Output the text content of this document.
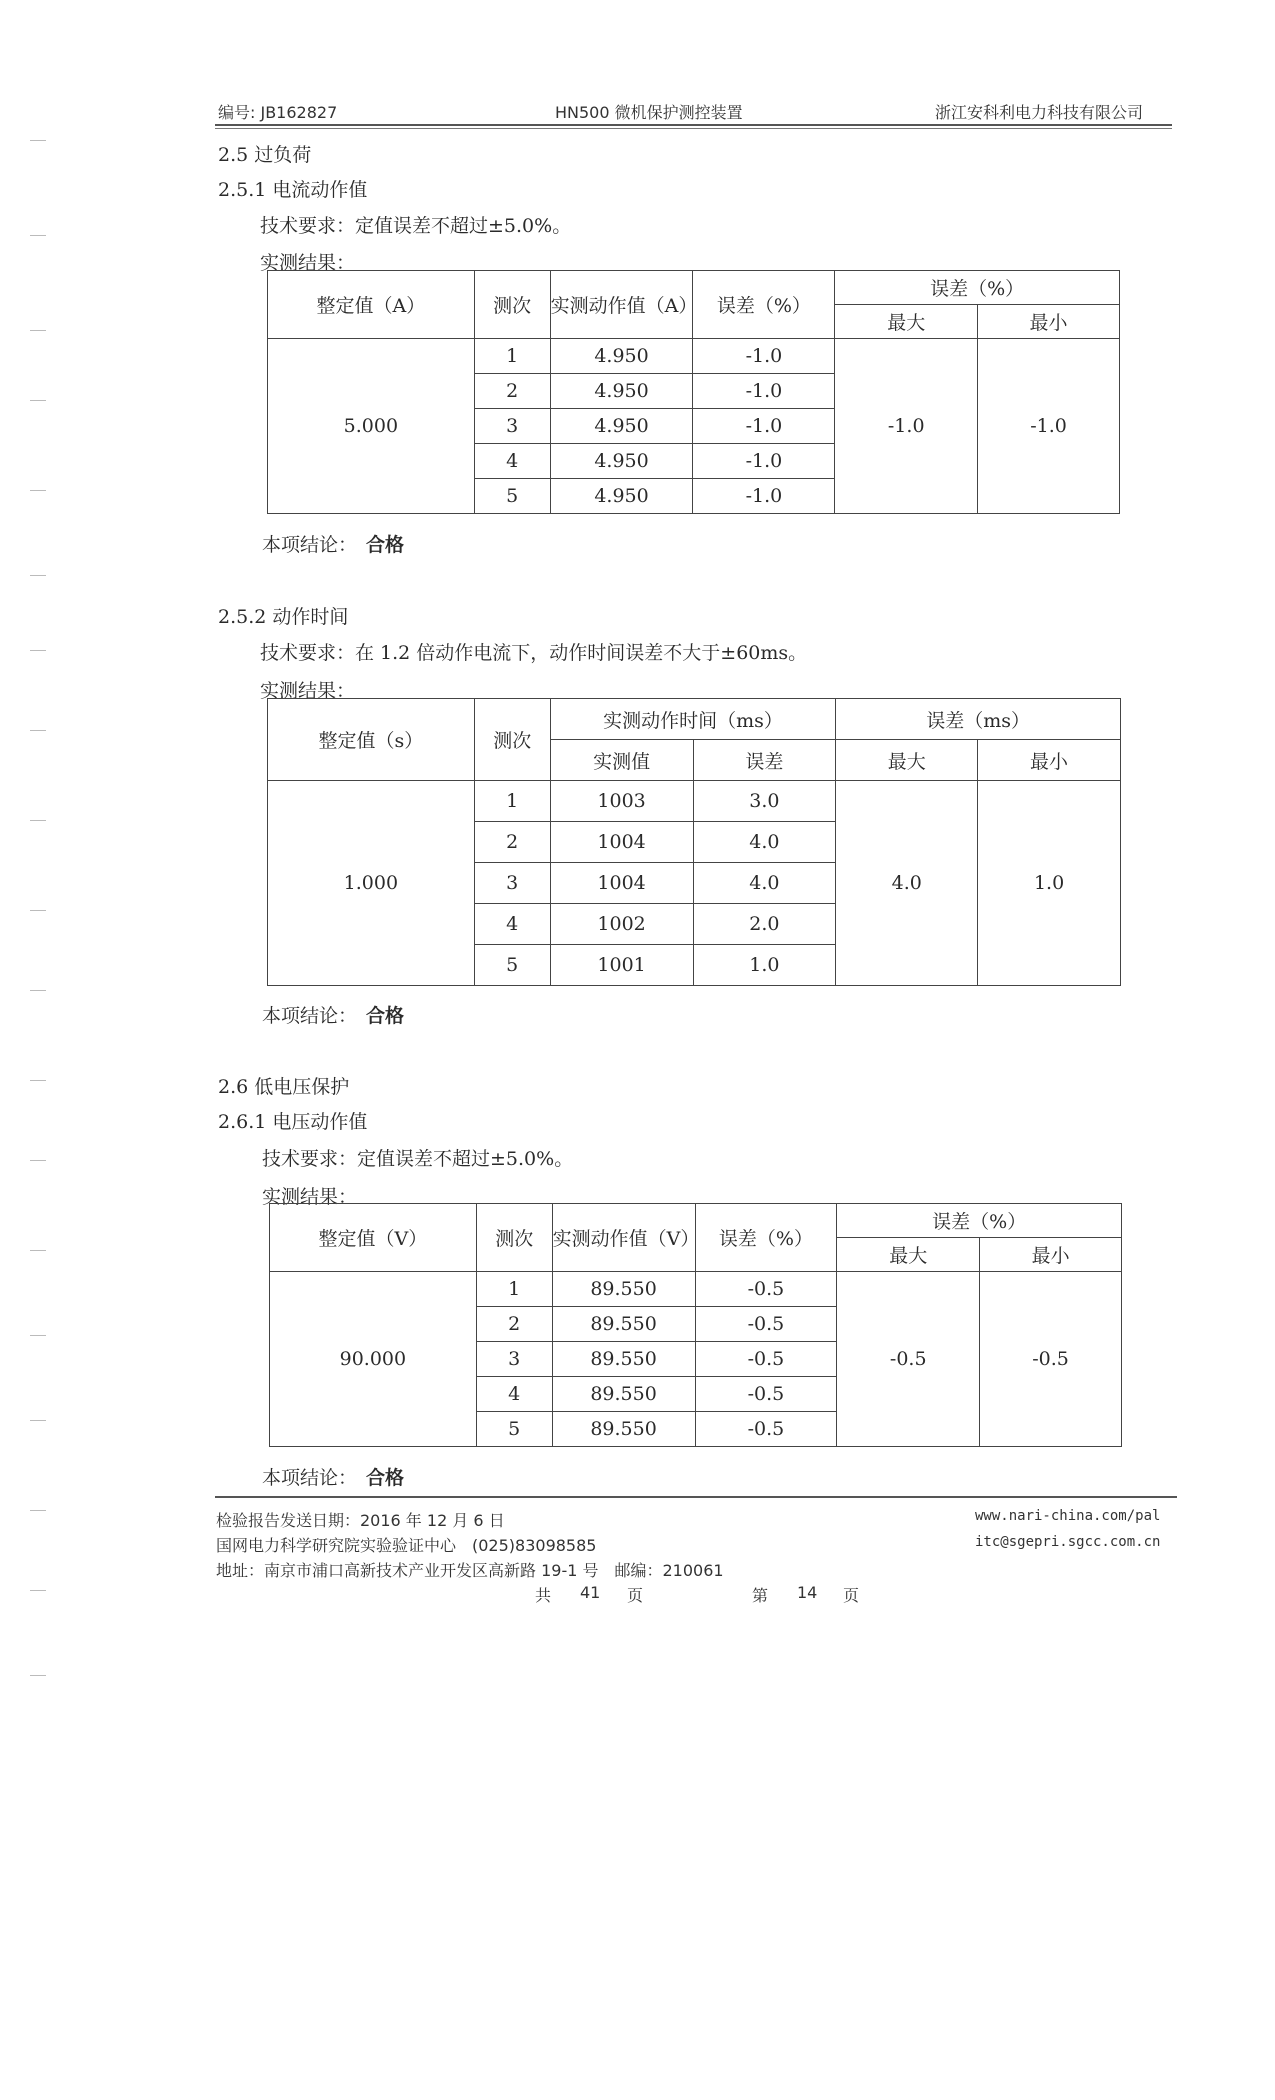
编号: JB162827	HN500 微机保护测控装置	浙江安科利电力科技有限公司
2.5 过负荷
2.5.1 电流动作值
技术要求：定值误差不超过±5.0%。
实测结果：
整定值（A）	测次	实测动作值（A）	误差（%）	误差（%）	
				最大	最小
5.000	1	4.950	-1.0	-1.0	-1.0
	2	4.950	-1.0		
	3	4.950	-1.0		
	4	4.950	-1.0		
	5	4.950	-1.0		
本项结论： 合格
2.5.2 动作时间
技术要求：在 1.2 倍动作电流下，动作时间误差不大于±60ms。
实测结果：
整定值（s）	测次	实测动作时间（ms）		误差（ms）	
		实测值	误差	最大	最小
1.000	1	1003	3.0	4.0	1.0
	2	1004	4.0		
	3	1004	4.0		
	4	1002	2.0		
	5	1001	1.0		
本项结论： 合格
2.6 低电压保护
2.6.1 电压动作值
技术要求：定值误差不超过±5.0%。
实测结果：
整定值（V）	测次	实测动作值（V）	误差（%）	误差（%）	
				最大	最小
90.000	1	89.550	-0.5	-0.5	-0.5
	2	89.550	-0.5		
	3	89.550	-0.5		
	4	89.550	-0.5		
	5	89.550	-0.5		
本项结论： 合格
检验报告发送日期：2016 年 12 月 6 日
国网电力科学研究院实验验证中心　(025)83098585
地址：南京市浦口高新技术产业开发区高新路 19-1 号　邮编：210061
www.nari-china.com/pal
itc@sgepri.sgcc.com.cn
共 41 页	第 14 页
